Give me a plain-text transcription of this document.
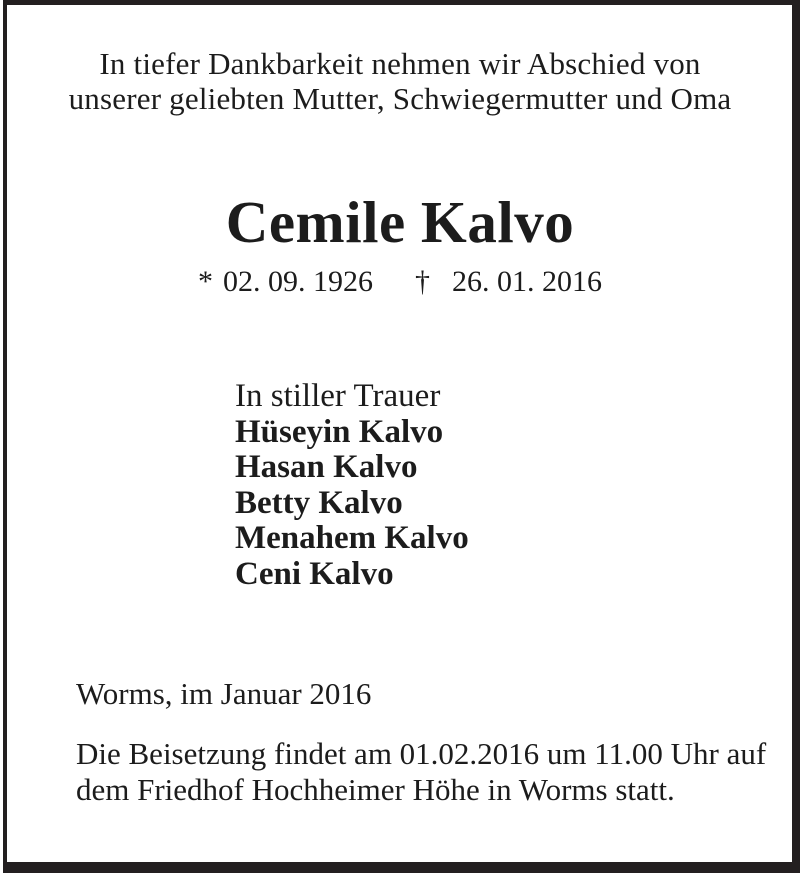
In tiefer Dankbarkeit nehmen wir Abschied von
unserer geliebten Mutter, Schwiegermutter und Oma
Cemile Kalvo
* 02. 09. 1926 † 26. 01. 2016
In stiller Trauer
Hüseyin Kalvo
Hasan Kalvo
Betty Kalvo
Menahem Kalvo
Ceni Kalvo
Worms, im Januar 2016
Die Beisetzung findet am 01.02.2016 um 11.00 Uhr auf
dem Friedhof Hochheimer Höhe in Worms statt.
